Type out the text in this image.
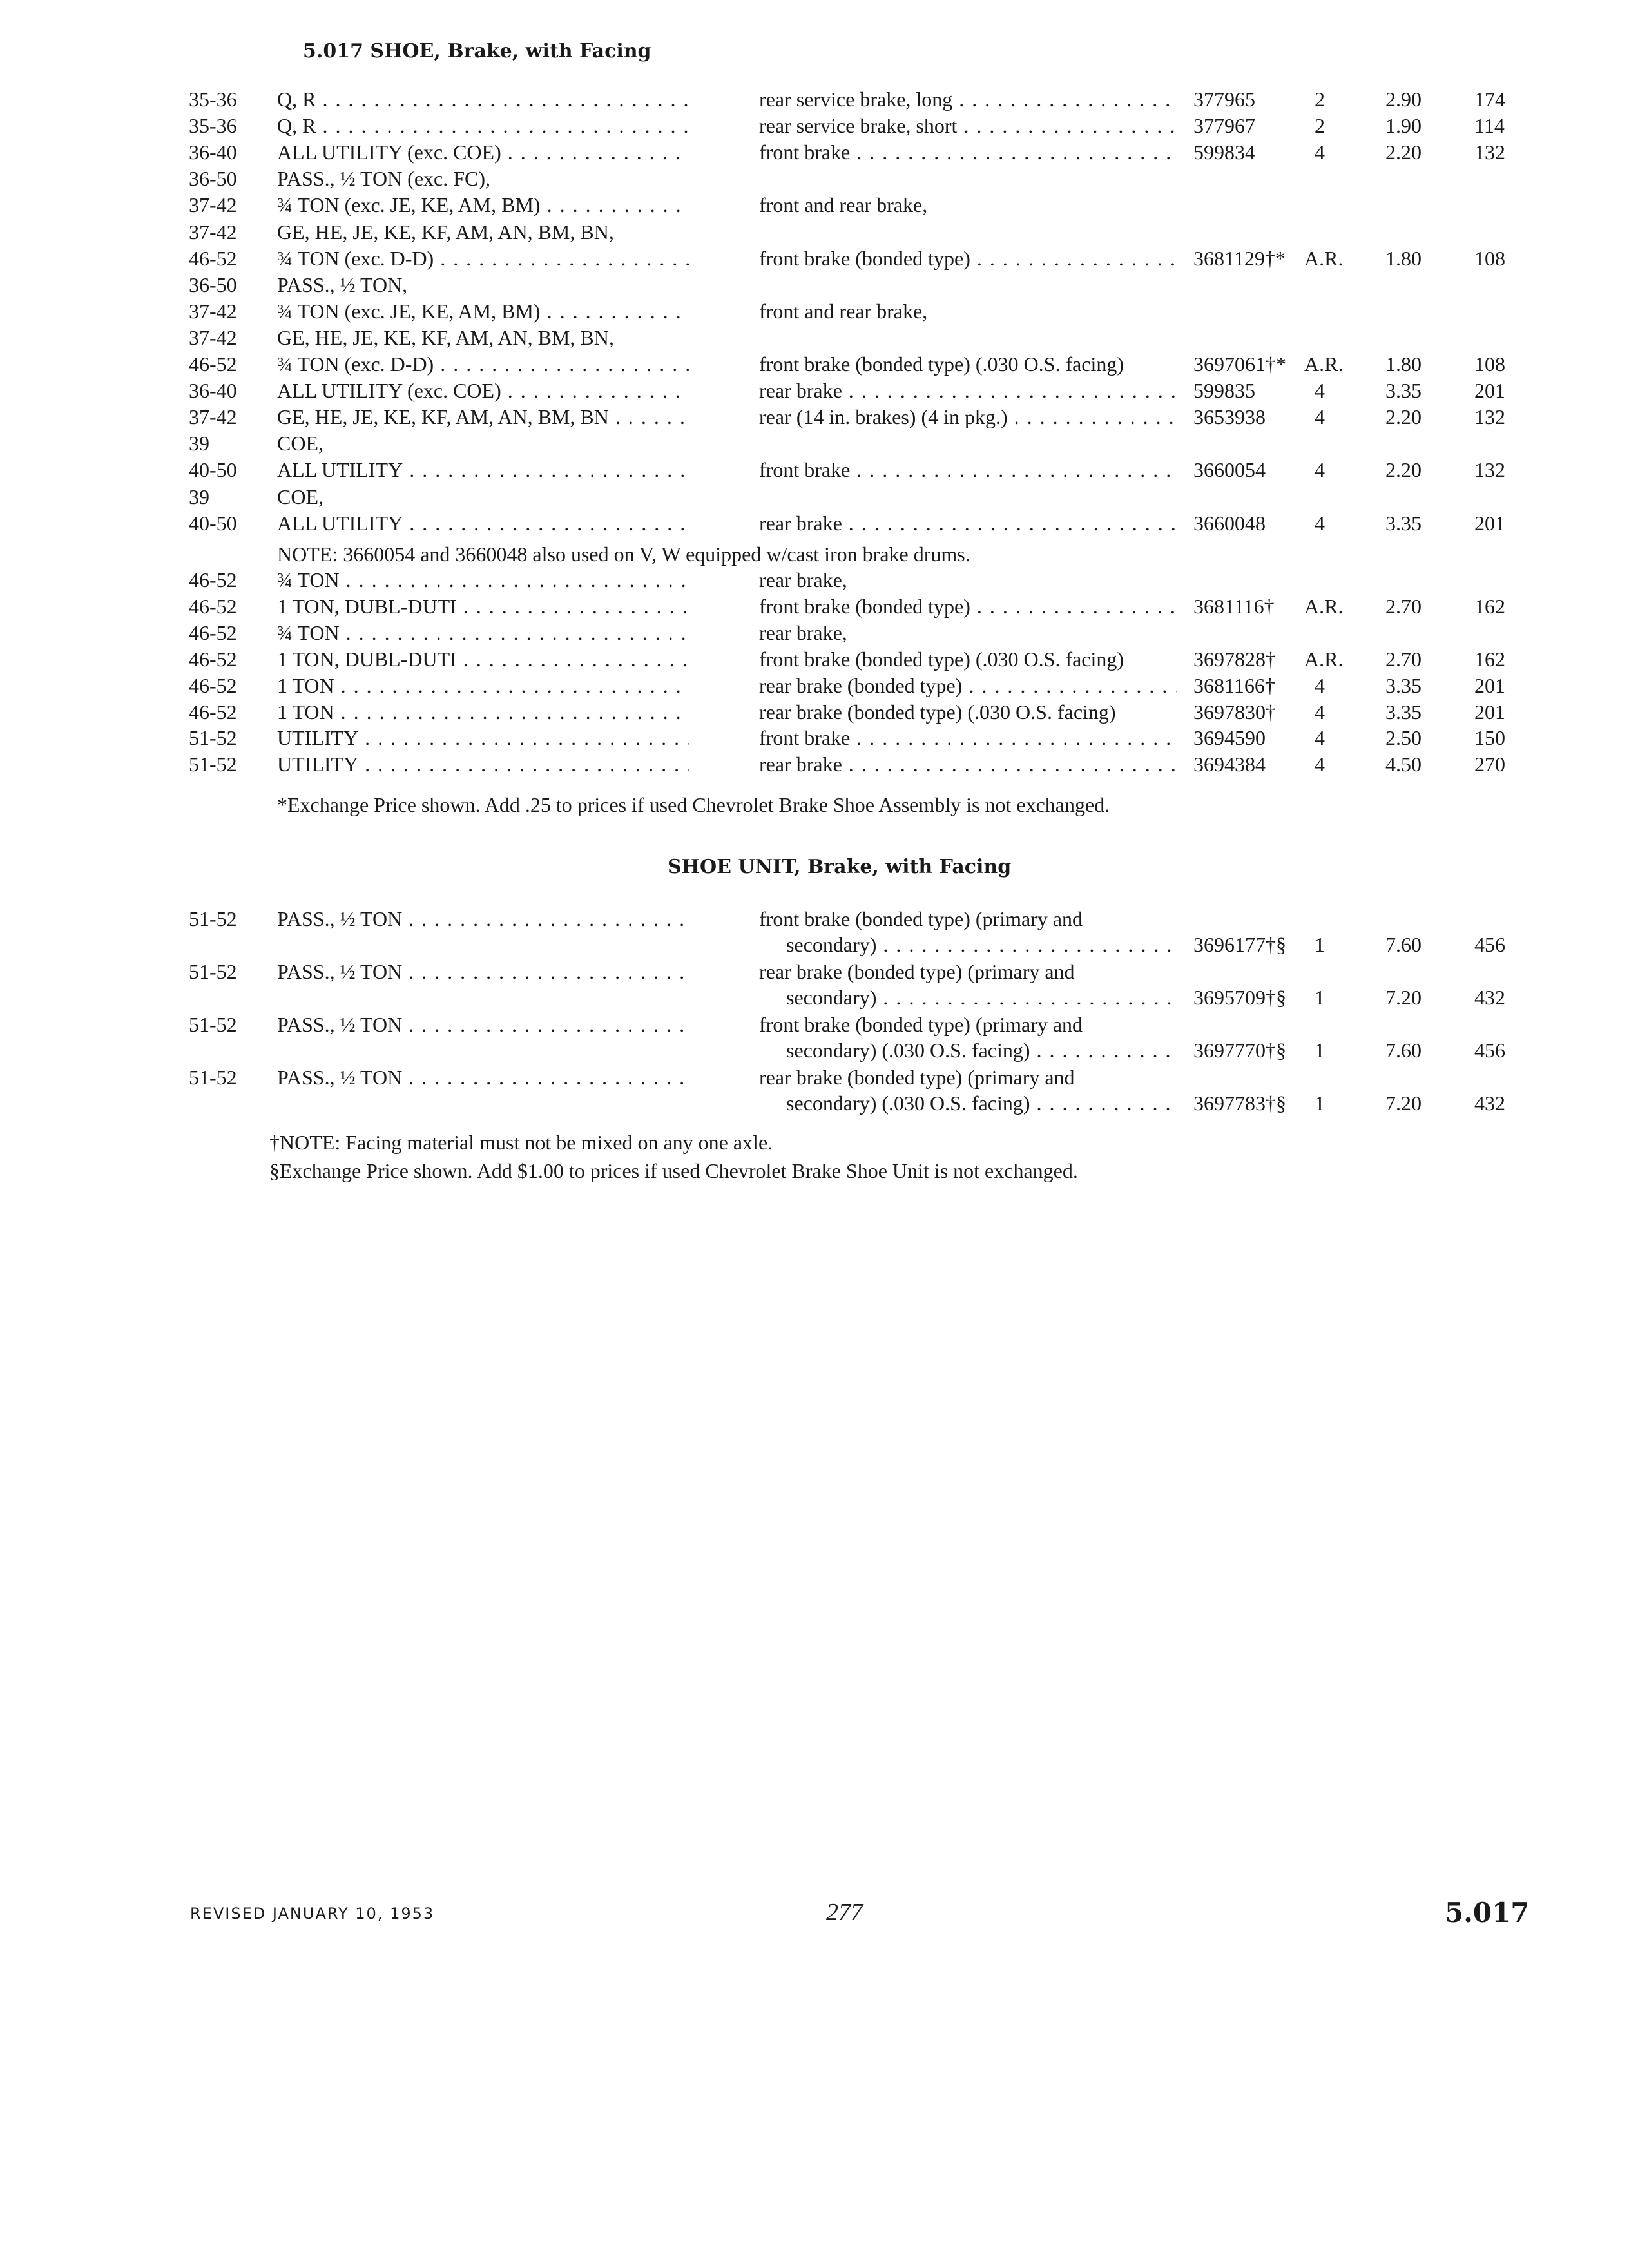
5.017 SHOE, Brake, with Facing
35-36 Q, R . . .	rear service brake, long . . .	377965	2	2.90	174
35-36 Q, R . . .	rear service brake, short . . .	377967	2	1.90	114
36-40 ALL UTILITY (exc. COE) . . .	front brake . . .	599834	4	2.20	132
36-50 PASS., ½ TON (exc. FC),
37-42 ¾ TON (exc. JE, KE, AM, BM) . . .	front and rear brake,
37-42 GE, HE, JE, KE, KF, AM, AN, BM, BN,
46-52 ¾ TON (exc. D-D) . . .	front brake (bonded type) . . .	3681129†* A.R. 1.80	108
36-50 PASS., ½ TON,
37-42 ¾ TON (exc. JE, KE, AM, BM) . . .	front and rear brake,
37-42 GE, HE, JE, KE, KF, AM, AN, BM, BN,
46-52 ¾ TON (exc. D-D) . . .	front brake (bonded type) (.030 O.S. facing)	3697061†* A.R. 1.80	108
36-40 ALL UTILITY (exc. COE) . . .	rear brake . . .	599835	4	3.35	201
37-42 GE, HE, JE, KE, KF, AM, AN, BM, BN . . .	rear (14 in. brakes) (4 in pkg.) . . .	3653938 4	2.20	132
39	COE,
40-50 ALL UTILITY . . .	front brake . . .	3660054 4	2.20	132
39	COE,
40-50 ALL UTILITY . . .	rear brake . . .	3660048 4	3.35	201
NOTE: 3660054 and 3660048 also used on V, W equipped w/cast iron brake drums.
46-52 ¾ TON . . .	rear brake,
46-52 1 TON, DUBL-DUTI . . .	front brake (bonded type) . . .	3681116† A.R. 2.70	162
46-52 ¾ TON . . .	rear brake,
46-52 1 TON, DUBL-DUTI . . .	front brake (bonded type) (.030 O.S. facing)	3697828† A.R. 2.70	162
46-52 1 TON . . .	rear brake (bonded type) . . .	3681166† 4	3.35	201
46-52 1 TON . . .	rear brake (bonded type) (.030 O.S. facing)	3697830† 4	3.35	201
51-52 UTILITY . . .	front brake . . .	3694590 4	2.50	150
51-52 UTILITY . . .	rear brake . . .	3694384 4	4.50	270
*Exchange Price shown. Add .25 to prices if used Chevrolet Brake Shoe Assembly is not exchanged.
SHOE UNIT, Brake, with Facing
51-52 PASS., ½ TON . . .	front brake (bonded type) (primary and
secondary) . . .	3696177†§ 1	7.60	456
51-52 PASS., ½ TON . . .	rear brake (bonded type) (primary and
secondary) . . .	3695709†§ 1	7.20	432
51-52 PASS., ½ TON . . .	front brake (bonded type) (primary and
secondary) (.030 O.S. facing) . . .	3697770†§ 1	7.60	456
51-52 PASS., ½ TON . . .	rear brake (bonded type) (primary and
secondary) (.030 O.S. facing) . . .	3697783†§ 1	7.20	432
†NOTE: Facing material must not be mixed on any one axle.
§Exchange Price shown. Add $1.00 to prices if used Chevrolet Brake Shoe Unit is not exchanged.
REVISED JANUARY 10, 1953	277	5.017
